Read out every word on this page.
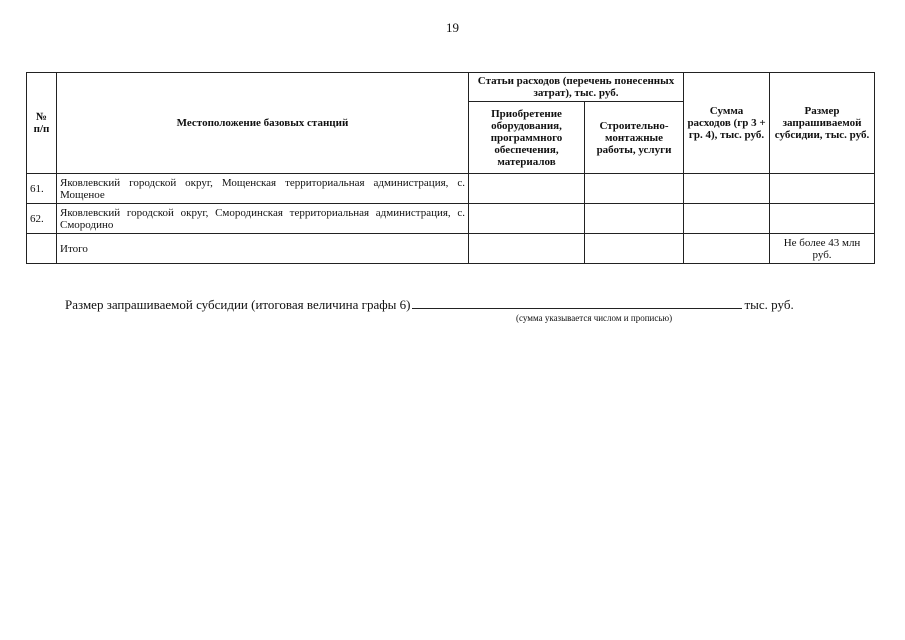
19
№ п/п	Местоположение базовых станций	Статьи расходов (перечень понесенных затрат), тыс. руб.		Сумма расходов (гр 3 + гр. 4), тыс. руб.	Размер запрашиваемой субсидии, тыс. руб.
		Приобретение оборудования, программного обеспечения, материалов	Строительно-монтажные работы, услуги		
61.	Яковлевский городской округ, Мощенская территориальная администрация, с. Мощеное				
62.	Яковлевский городской округ, Смородинская территориальная администрация, с. Смородино				
	Итого				Не более 43 млн руб.
Размер запрашиваемой субсидии (итоговая величина графы 6)	тыс. руб.
(сумма указывается числом и прописью)
